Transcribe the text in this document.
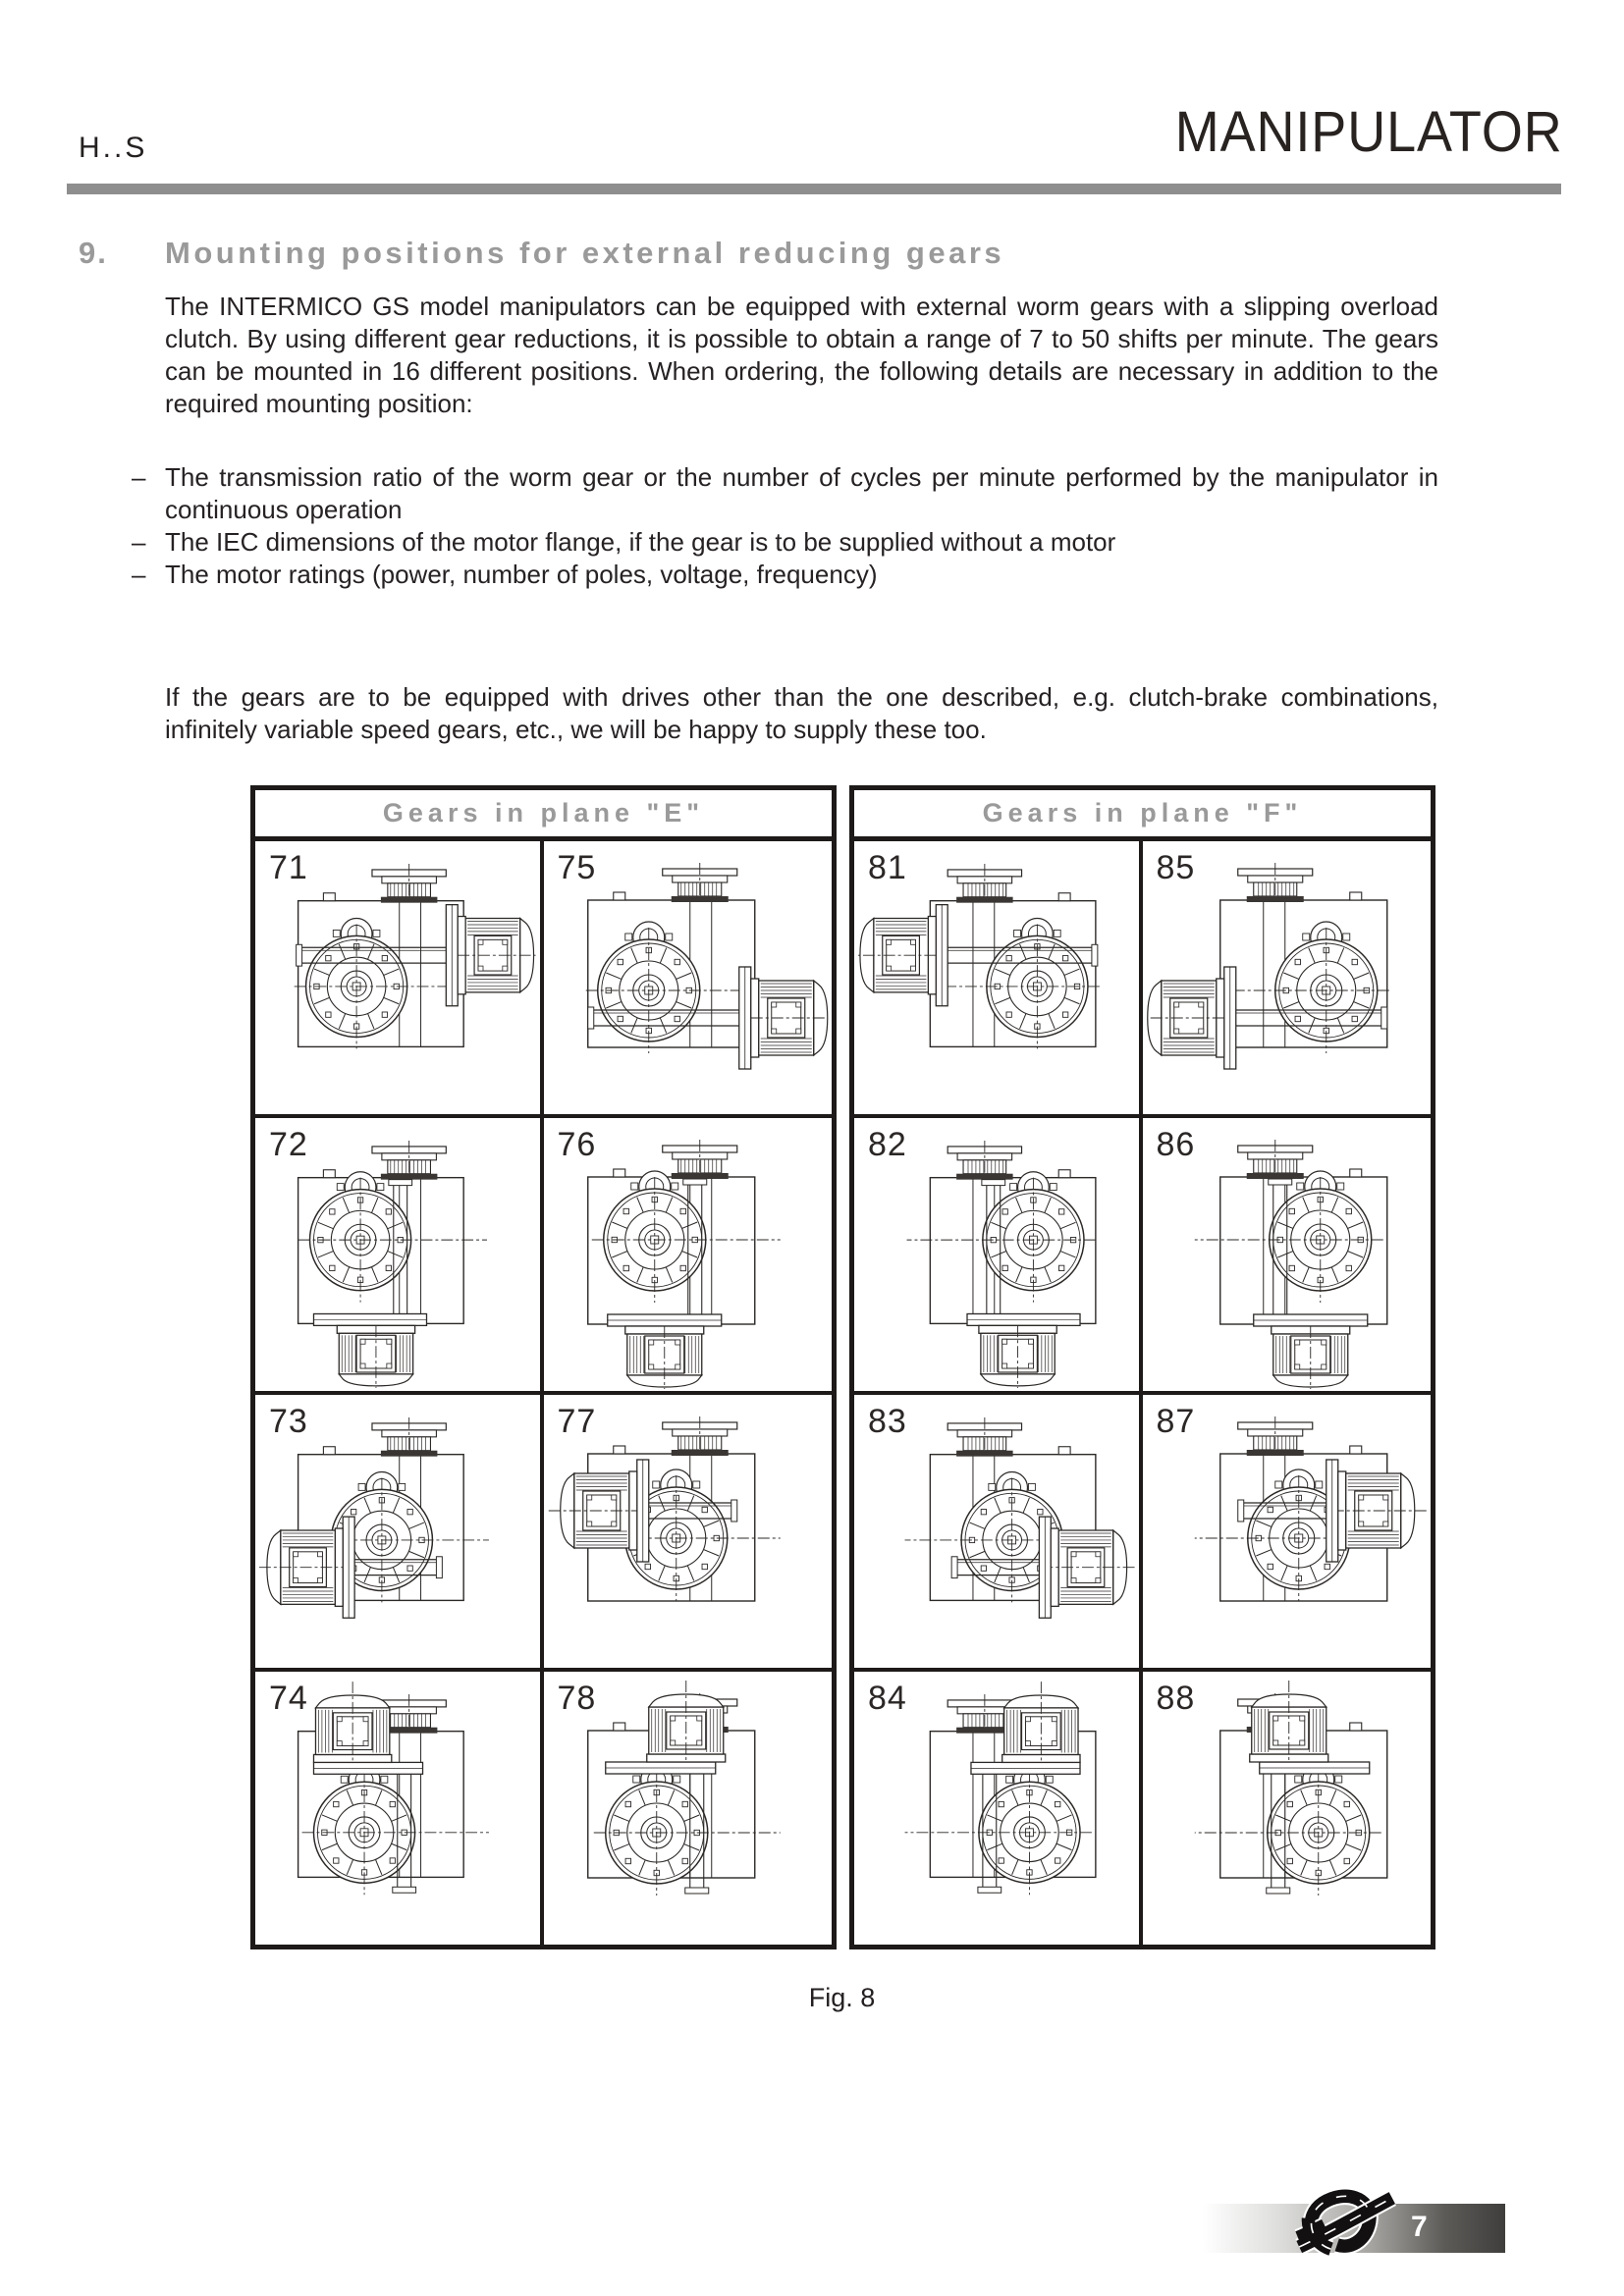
H..S	MANIPULATOR
9. Mounting positions for external reducing gears
The INTERMICO GS model manipulators can be equipped with external worm gears with a slipping overload clutch. By using different gear reductions, it is possible to obtain a range of 7 to 50 shifts per minute. The gears can be mounted in 16 different positions. When ordering, the following details are necessary in addition to the required mounting position:
– The transmission ratio of the worm gear or the number of cycles per minute performed by the manipulator in continuous operation
– The IEC dimensions of the motor flange, if the gear is to be supplied without a motor
– The motor ratings (power, number of poles, voltage, frequency)
If the gears are to be equipped with drives other than the one described, e.g. clutch-brake combinations, infinitely variable speed gears, etc., we will be happy to supply these too.
Gears in plane "E"
71	75
72	76
73	77
74	78
Gears in plane "F"
81	85
82	86
83	87
84	88
Fig. 8
7
